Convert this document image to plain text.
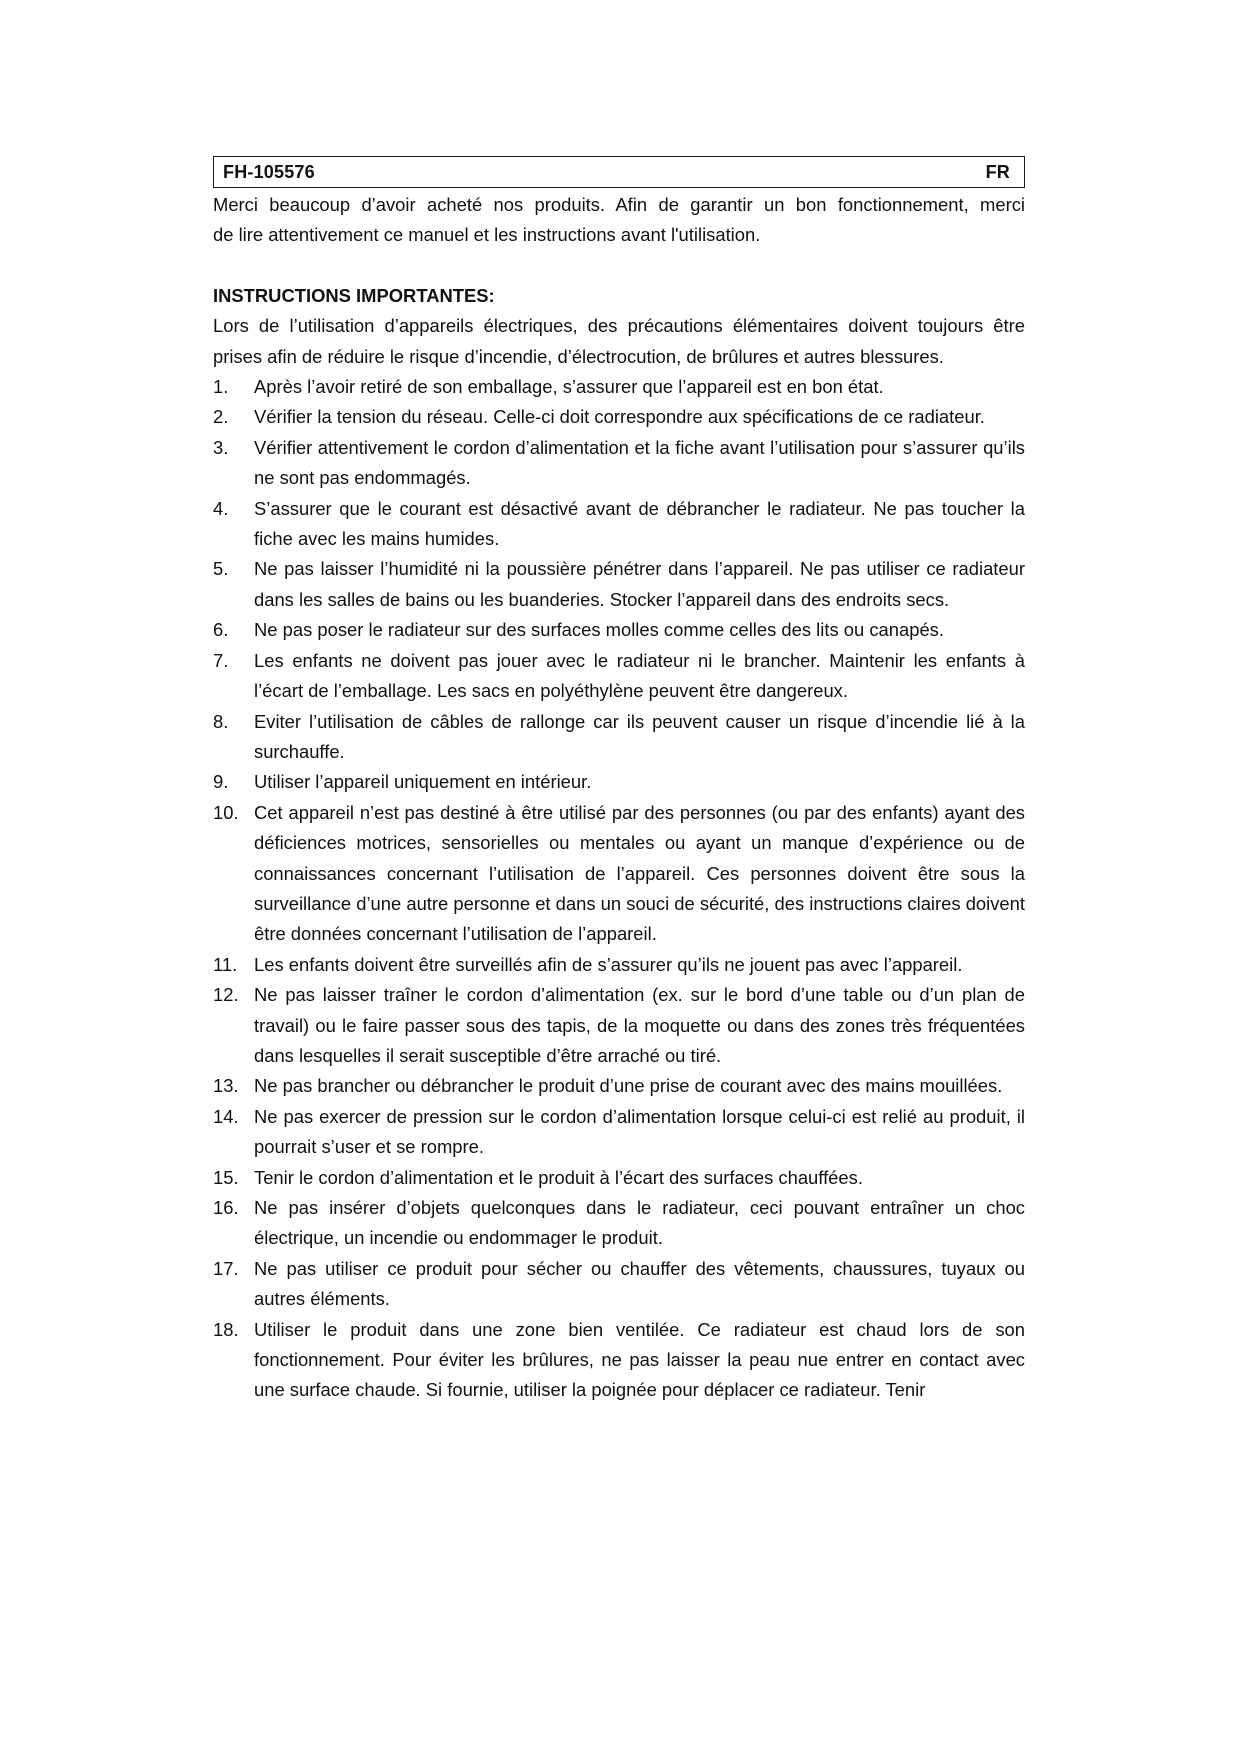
FH-105576	FR

Merci beaucoup d’avoir acheté nos produits. Afin de garantir un bon fonctionnement, merci

de lire attentivement ce manuel et les instructions avant l'utilisation.

INSTRUCTIONS IMPORTANTES:

Lors de l’utilisation d’appareils électriques, des précautions élémentaires doivent toujours être prises afin de réduire le risque d’incendie, d’électrocution, de brûlures et autres blessures.

1.	Après l’avoir retiré de son emballage, s’assurer que l’appareil est en bon état.
2.	Vérifier la tension du réseau. Celle-ci doit correspondre aux spécifications de ce radiateur.
3.	Vérifier attentivement le cordon d’alimentation et la fiche avant l’utilisation pour s’assurer qu’ils ne sont pas endommagés.
4.	S’assurer que le courant est désactivé avant de débrancher le radiateur. Ne pas toucher la fiche avec les mains humides.
5.	Ne pas laisser l’humidité ni la poussière pénétrer dans l’appareil. Ne pas utiliser ce radiateur dans les salles de bains ou les buanderies. Stocker l’appareil dans des endroits secs.
6.	Ne pas poser le radiateur sur des surfaces molles comme celles des lits ou canapés.
7.	Les enfants ne doivent pas jouer avec le radiateur ni le brancher. Maintenir les enfants à l’écart de l’emballage. Les sacs en polyéthylène peuvent être dangereux.
8.	Eviter l’utilisation de câbles de rallonge car ils peuvent causer un risque d’incendie lié à la surchauffe.
9.	Utiliser l’appareil uniquement en intérieur.
10. Cet appareil n’est pas destiné à être utilisé par des personnes (ou par des enfants) ayant des déficiences motrices, sensorielles ou mentales ou ayant un manque d’expérience ou de connaissances concernant l’utilisation de l’appareil. Ces personnes doivent être sous la surveillance d’une autre personne et dans un souci de sécurité, des instructions claires doivent être données concernant l’utilisation de l’appareil.
11. Les enfants doivent être surveillés afin de s’assurer qu’ils ne jouent pas avec l’appareil.
12. Ne pas laisser traîner le cordon d’alimentation (ex. sur le bord d’une table ou d’un plan de travail) ou le faire passer sous des tapis, de la moquette ou dans des zones très fréquentées dans lesquelles il serait susceptible d’être arraché ou tiré.
13. Ne pas brancher ou débrancher le produit d’une prise de courant avec des mains mouillées.
14. Ne pas exercer de pression sur le cordon d’alimentation lorsque celui-ci est relié au produit, il pourrait s’user et se rompre.
15. Tenir le cordon d’alimentation et le produit à l’écart des surfaces chauffées.
16. Ne pas insérer d’objets quelconques dans le radiateur, ceci pouvant entraîner un choc électrique, un incendie ou endommager le produit.
17. Ne pas utiliser ce produit pour sécher ou chauffer des vêtements, chaussures, tuyaux ou autres éléments.
18. Utiliser le produit dans une zone bien ventilée. Ce radiateur est chaud lors de son fonctionnement. Pour éviter les brûlures, ne pas laisser la peau nue entrer en contact avec une surface chaude. Si fournie, utiliser la poignée pour déplacer ce radiateur. Tenir
